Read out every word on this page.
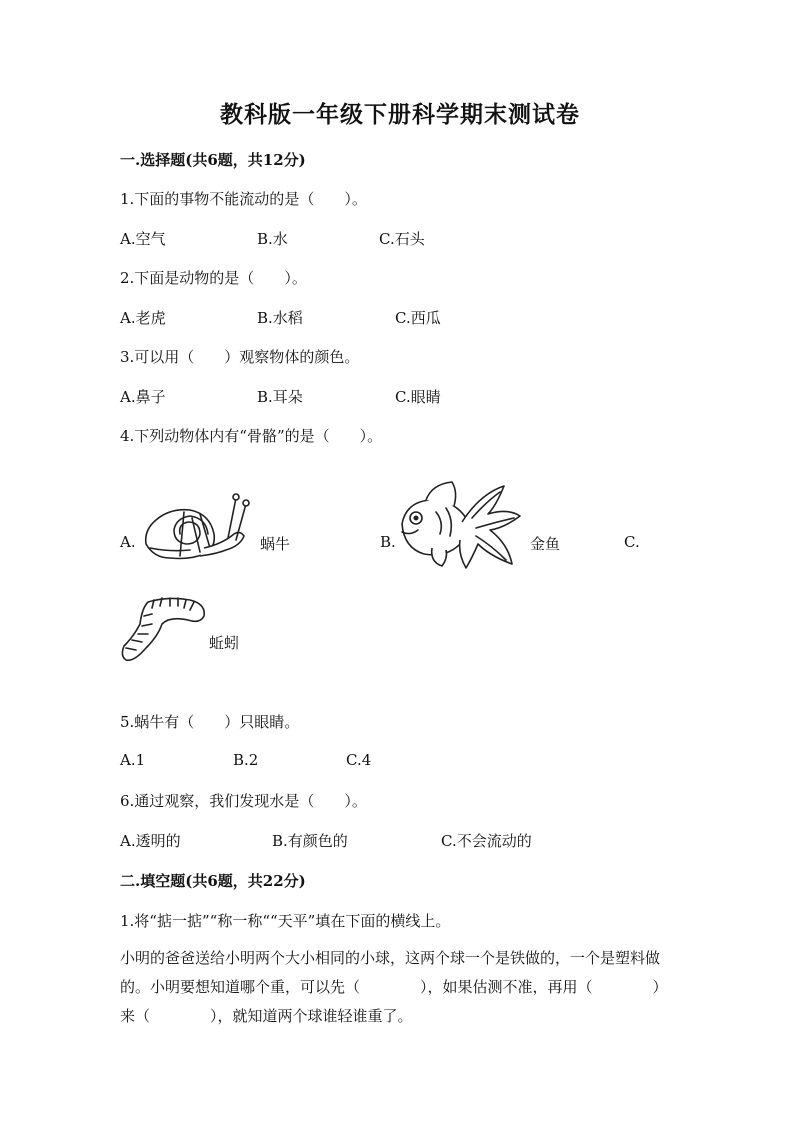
教科版一年级下册科学期末测试卷
一.选择题(共6题，共12分)
1.下面的事物不能流动的是（　　）。
A.空气	B.水	C.石头
2.下面是动物的是（　　）。
A.老虎	B.水稻	C.西瓜
3.可以用（　　）观察物体的颜色。
A.鼻子	B.耳朵	C.眼睛
4.下列动物体内有“骨骼”的是（　　）。
A.	蜗牛	B.	金鱼	C.
蚯蚓
5.蜗牛有（　　）只眼睛。
A.1	B.2	C.4
6.通过观察，我们发现水是（　　）。
A.透明的	B.有颜色的	C.不会流动的
二.填空题(共6题，共22分)
1.将“掂一掂”“称一称““天平”填在下面的横线上。
小明的爸爸送给小明两个大小相同的小球，这两个球一个是铁做的，一个是塑料做的。小明要想知道哪个重，可以先（　　　　），如果估测不准，再用（　　　　）来（　　　　），就知道两个球谁轻谁重了。
